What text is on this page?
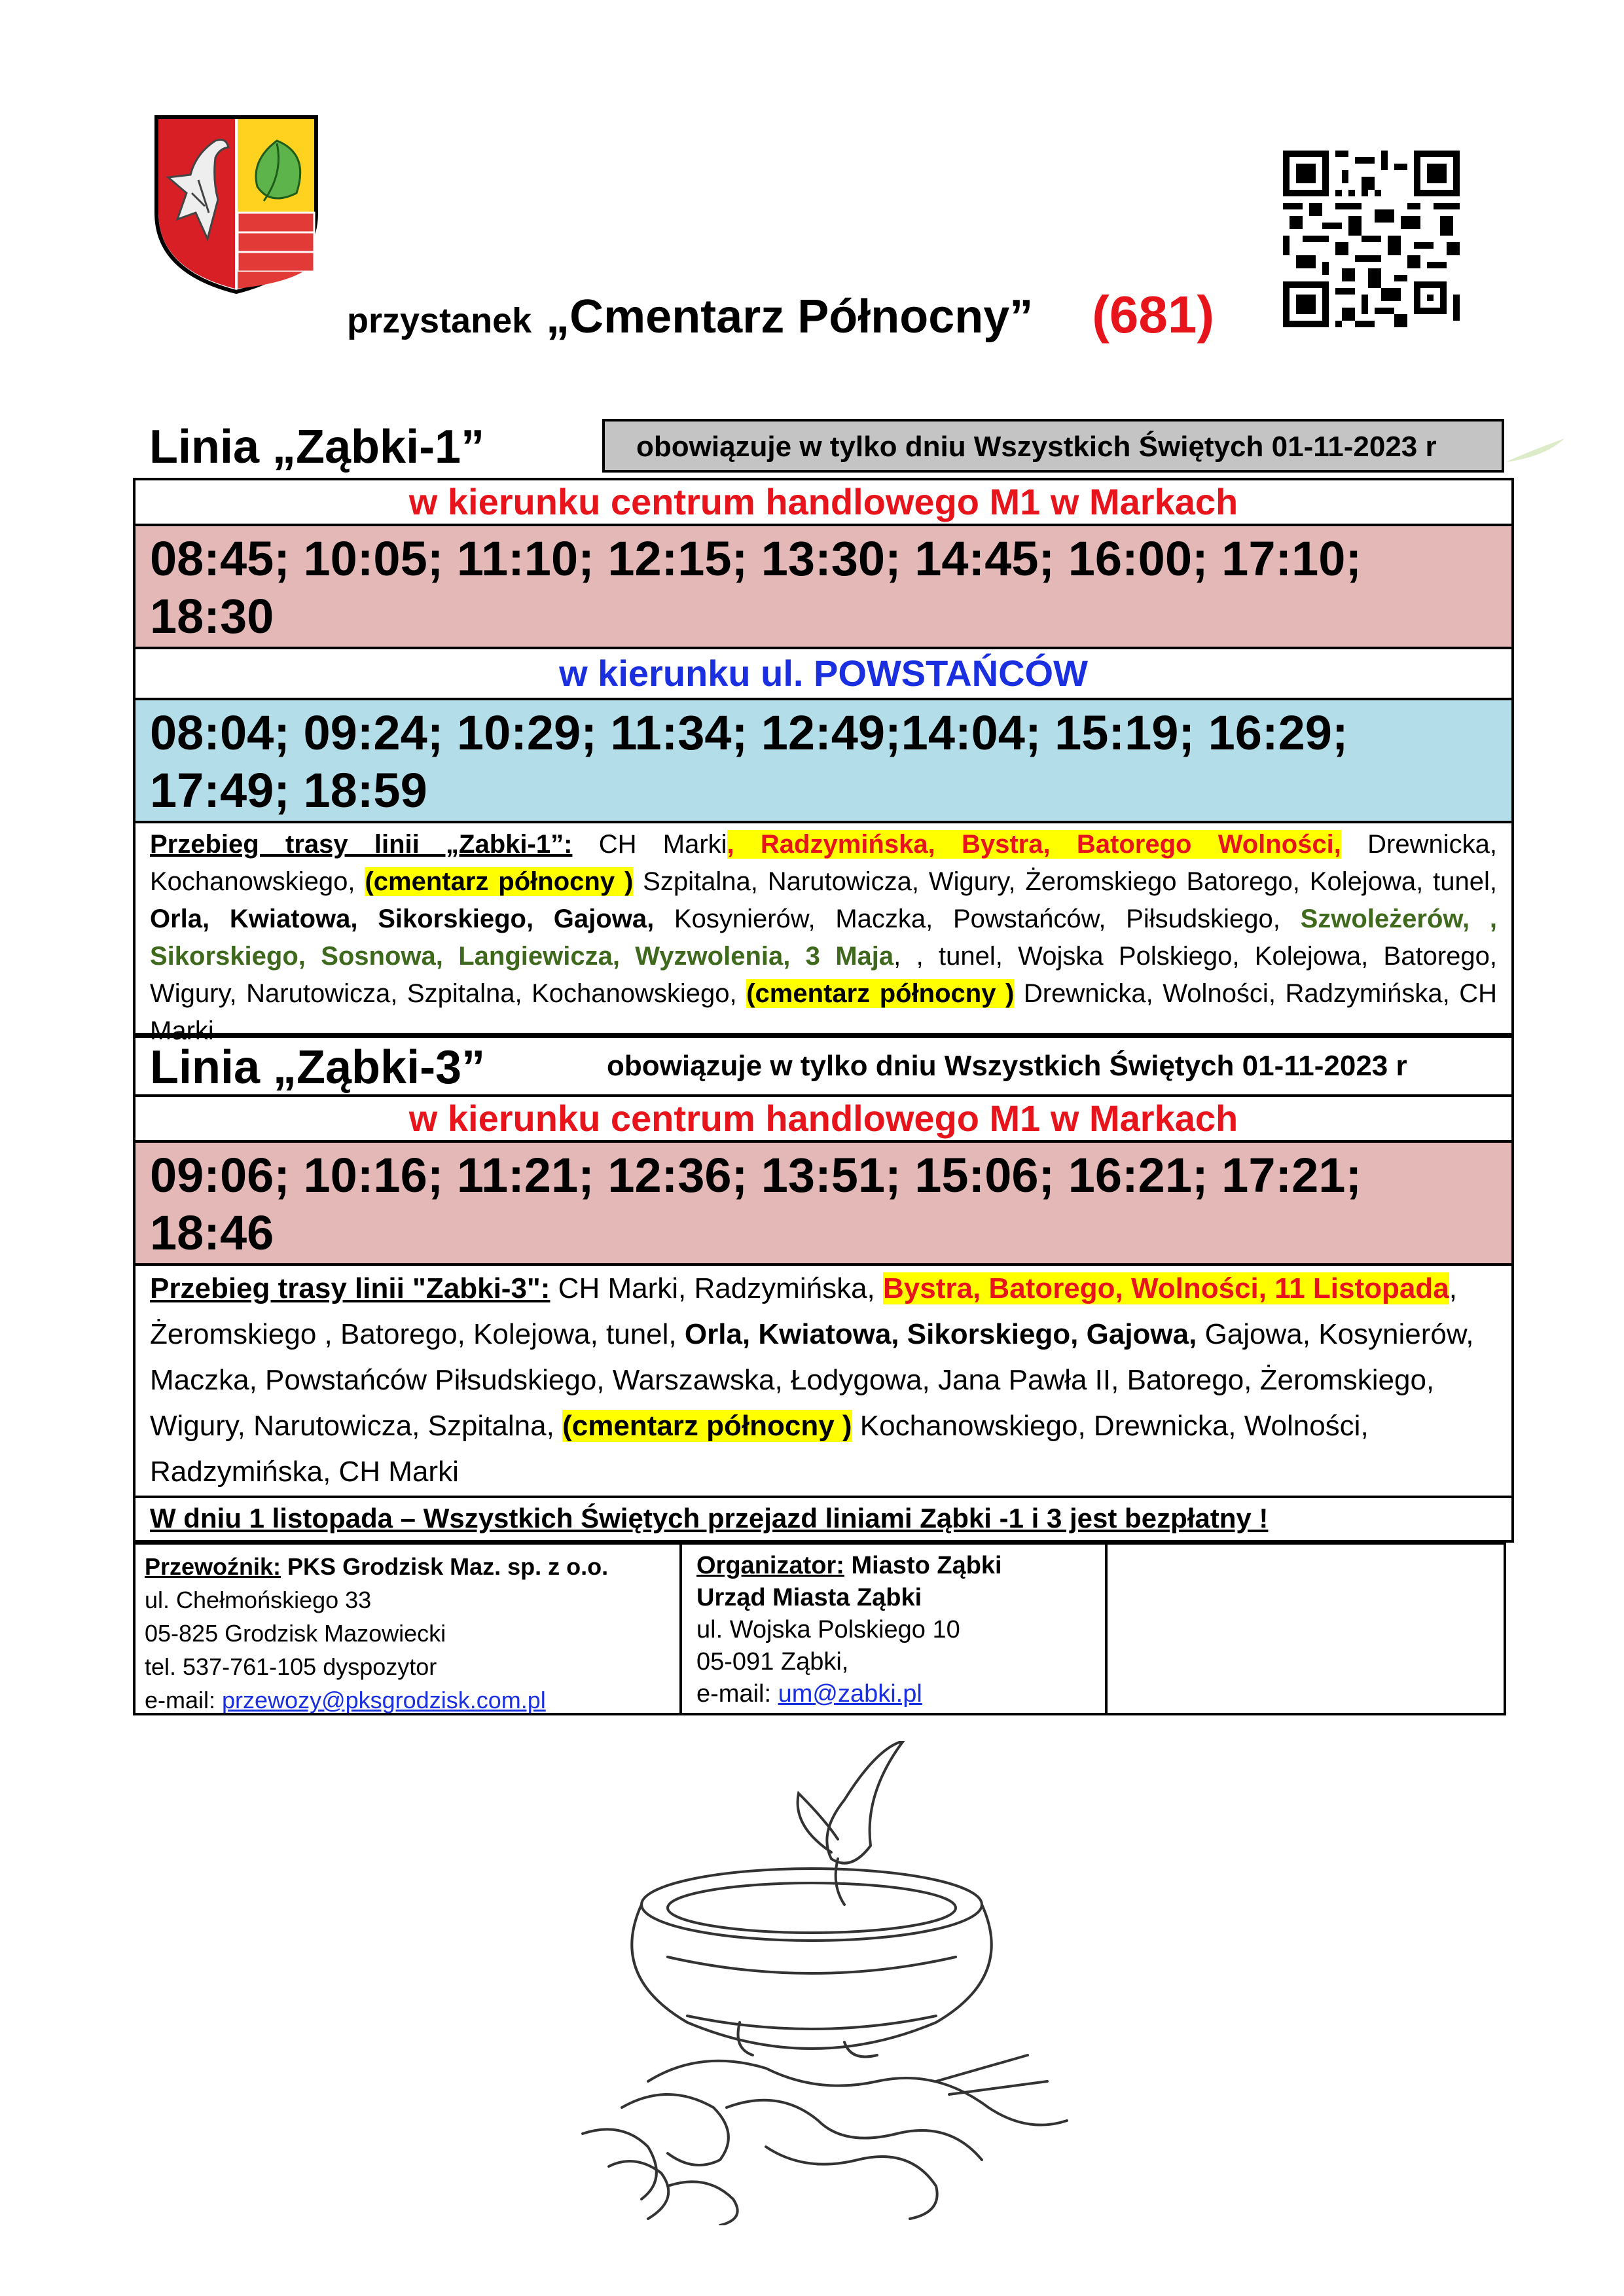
przystanek „Cmentarz Północny” (681)
Linia „Ząbki-1”	obowiązuje w tylko dniu Wszystkich Świętych 01-11-2023 r
w kierunku centrum handlowego M1 w Markach
08:45; 10:05; 11:10; 12:15; 13:30; 14:45; 16:00; 17:10; 18:30
w kierunku ul. POWSTAŃCÓW
08:04; 09:24; 10:29; 11:34; 12:49;14:04; 15:19; 16:29; 17:49; 18:59
Przebieg trasy linii „Zabki-1”: CH Marki, Radzymińska, Bystra, Batorego Wolności, Drewnicka, Kochanowskiego, (cmentarz północny ) Szpitalna, Narutowicza, Wigury, Żeromskiego Batorego, Kolejowa, tunel, Orla, Kwiatowa, Sikorskiego, Gajowa, Kosynierów, Maczka, Powstańców, Piłsudskiego, Szwoleżerów, , Sikorskiego, Sosnowa, Langiewicza, Wyzwolenia, 3 Maja, , tunel, Wojska Polskiego, Kolejowa, Batorego, Wigury, Narutowicza, Szpitalna, Kochanowskiego, (cmentarz północny ) Drewnicka, Wolności, Radzymińska, CH Marki
Linia „Ząbki-3”	obowiązuje w tylko dniu Wszystkich Świętych 01-11-2023 r
w kierunku centrum handlowego M1 w Markach
09:06; 10:16; 11:21; 12:36; 13:51; 15:06; 16:21; 17:21; 18:46
Przebieg trasy linii "Zabki-3": CH Marki, Radzymińska, Bystra, Batorego, Wolności, 11 Listopada, Żeromskiego , Batorego, Kolejowa, tunel, Orla, Kwiatowa, Sikorskiego, Gajowa, Gajowa, Kosynierów, Maczka, Powstańców Piłsudskiego, Warszawska, Łodygowa, Jana Pawła II, Batorego, Żeromskiego, Wigury, Narutowicza, Szpitalna, (cmentarz północny ) Kochanowskiego, Drewnicka, Wolności, Radzymińska, CH Marki
W dniu 1 listopada – Wszystkich Świętych przejazd liniami Ząbki -1 i 3 jest bezpłatny !
Przewoźnik: PKS Grodzisk Maz. sp. z o.o.
ul. Chełmońskiego 33
05-825 Grodzisk Mazowiecki
tel. 537-761-105 dyspozytor
e-mail: przewozy@pksgrodzisk.com.pl
Organizator: Miasto Ząbki
Urząd Miasta Ząbki
ul. Wojska Polskiego 10
05-091 Ząbki,
e-mail: um@zabki.pl
